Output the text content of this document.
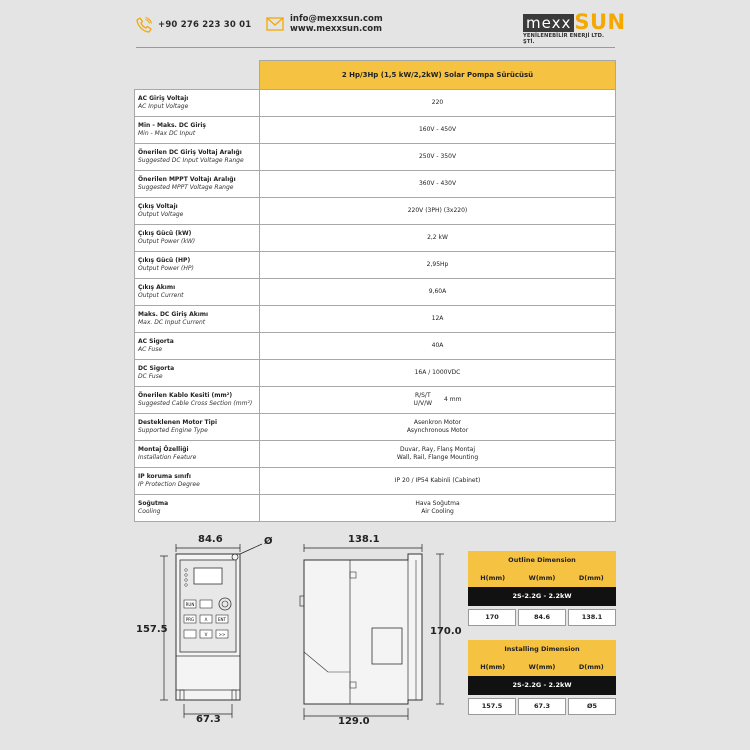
+90 276 223 30 01
info@mexxsun.com
www.mexxsun.com	mexx SUN
YENİLENEBİLİR ENERJİ LTD. ŞTİ.
	2 Hp/3Hp (1,5 kW/2,2kW) Solar Pompa Sürücüsü

AC Giriş Voltajı
AC Input Voltage	220

Min - Maks. DC Giriş
Min - Max DC Input	160V - 450V

Önerilen DC Giriş Voltaj Aralığı
Suggested DC Input Voltage Range	250V - 350V

Önerilen MPPT Voltajı Aralığı
Suggested MPPT Voltage Range	360V - 430V

Çıkış Voltajı
Output Voltage	220V (3PH) (3x220)

Çıkış Gücü (kW)
Output Power (kW)	2,2 kW

Çıkış Gücü (HP)
Output Power (HP)	2,95Hp

Çıkış Akımı
Output Current	9,60A

Maks. DC Giriş Akımı
Max. DC Input Current	12A

AC Sigorta
AC Fuse	40A

DC Sigorta
DC Fuse	16A / 1000VDC

Önerilen Kablo Kesiti (mm²)
Suggested Cable Cross Section (mm²)	R/S/T
U/V/W
4 mm

Desteklenen Motor Tipi
Supported Engine Type	Asenkron Motor
Asynchronous Motor

Montaj Özelliği
Installation Feature	Duvar, Ray, Flanş Montaj
Wall, Rail, Flange Mounting

IP koruma sınıfı
IP Protection Degree	IP 20 / IP54 Kabinli (Cabinet)

Soğutma
Cooling	Hava Soğutma
Air Cooling
RUN
PRG	Λ
V
ENT
>>
84.6	Ø
157.5
67.3
138.1
170.0
129.0
Outline Dimension
H(mm)	W(mm)	D(mm)
2S-2.2G - 2.2kW
170	84.6	138.1
Installing Dimension
H(mm)	W(mm)	D(mm)
2S-2.2G - 2.2kW
157.5	67.3	Ø5
